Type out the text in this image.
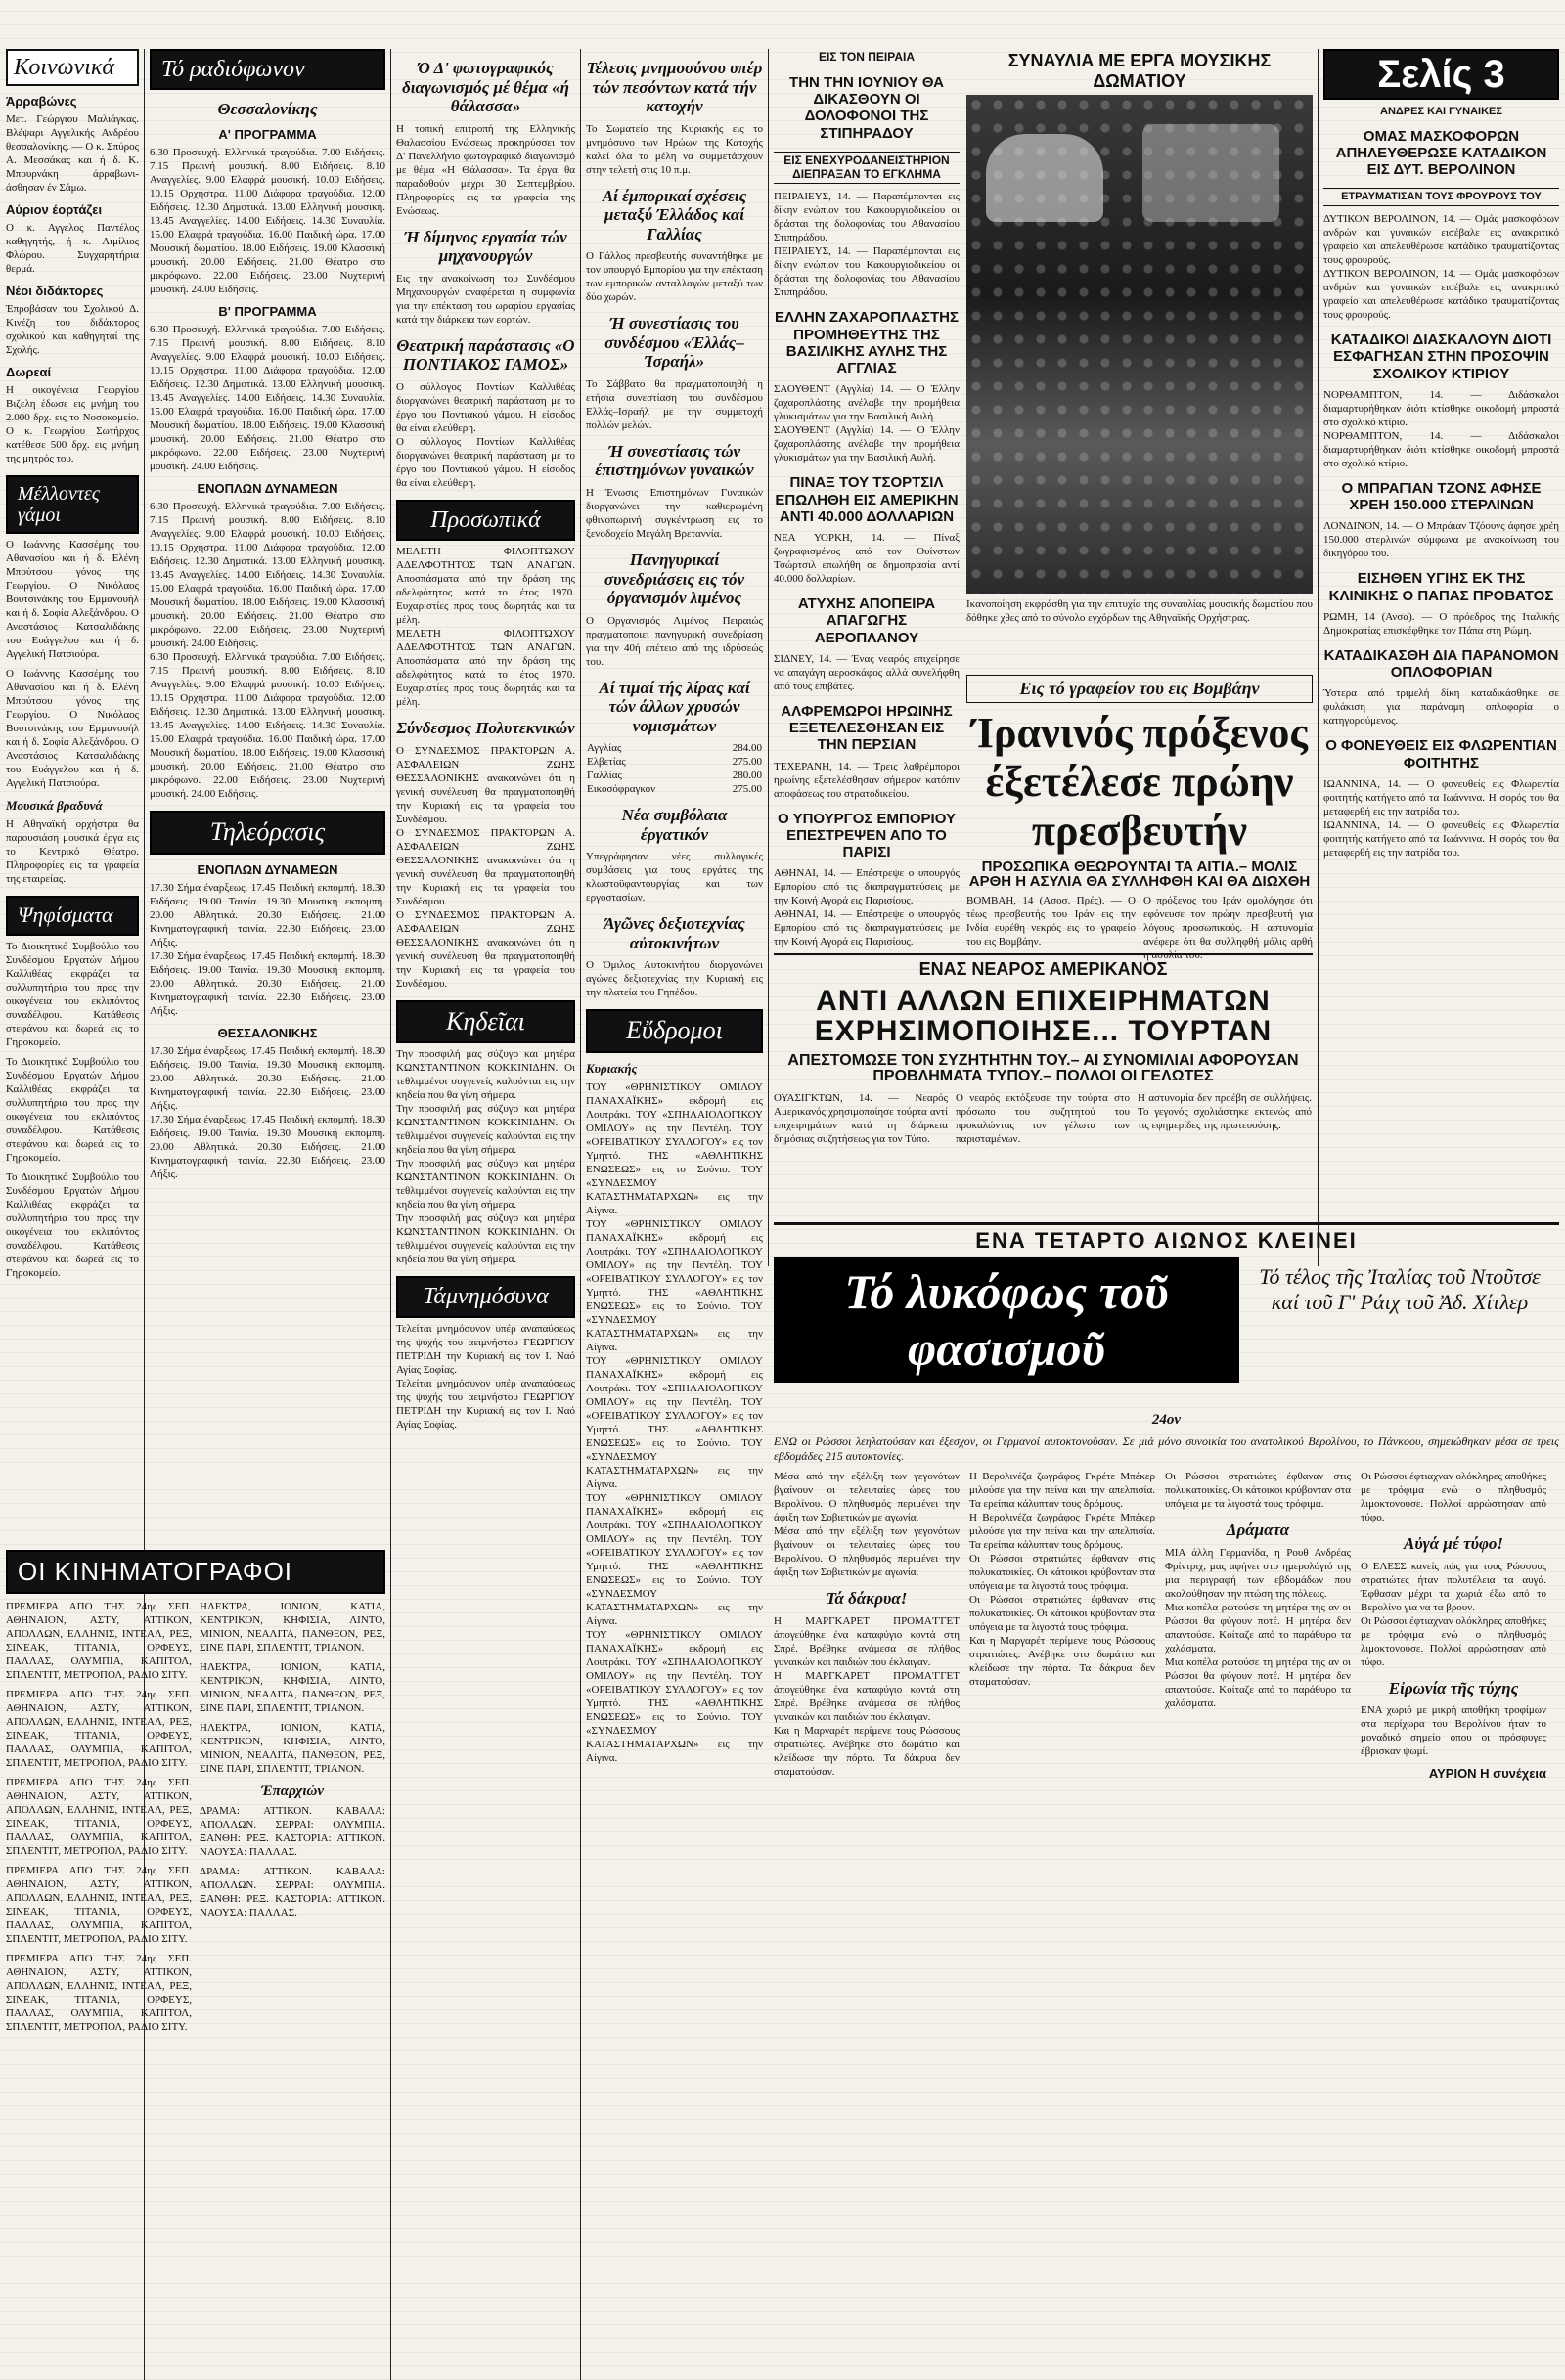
Κοινωνικά
Άρραβώνες
Μετ. Γεώργιου Μαλιάγκας. Βλέψαρι Αγγελικής Ανδρέου θεσσαλονίκης. — Ο κ. Σπύρος Α. Μεσσάκας και ή δ. Κ. Μπουρνάκη άρραβωνιάσθησαν έν Σάμω.
Αύριον έορτάζει
Ο κ. Αγγελος Παντέλος καθηγητής, ή κ. Αιμίλιος Φλώρου. Συγχαρητήρια θερμά.
Νέοι διδάκτορες
Έπροβάσαν του Σχολικού Δ. Κινέζη του διδάκτορος σχολικού και καθηγηταί της Σχολής.
Δωρεαί
Η οικογένεια Γεωργίου Βιζελη έδωσε εις μνήμη του 2.000 δρχ. εις το Νοσοκομείο. Ο κ. Γεωργίου Σωτήρχος κατέθεσε 500 δρχ. εις μνήμη της μητρός του.
Μέλλοντες γάμοι
Ο Ιωάννης Κασσέμης του Αθανασίου και ή δ. Ελένη Μπούτσου γόνος της Γεωργίου. Ο Νικόλαος Βουτσινάκης του Εμμανουήλ και ή δ. Σοφία Αλεξάνδρου. Ο Αναστάσιος Κατσαλιδάκης του Ευάγγελου και ή δ. Αγγελική Πατσιούρα.
Ο Ιωάννης Κασσέμης του Αθανασίου και ή δ. Ελένη Μπούτσου γόνος της Γεωργίου. Ο Νικόλαος Βουτσινάκης του Εμμανουήλ και ή δ. Σοφία Αλεξάνδρου. Ο Αναστάσιος Κατσαλιδάκης του Ευάγγελου και ή δ. Αγγελική Πατσιούρα.
Μουσικά βραδυνά
Η Αθηναϊκή ορχήστρα θα παρουσιάση μουσικά έργα εις το Κεντρικό Θέατρο. Πληροφορίες εις τα γραφεία της εταιρείας.
Ψηφίσματα
Το Διοικητικό Συμβούλιο του Συνδέσμου Εργατών Δήμου Καλλιθέας εκφράζει τα συλλυπητήρια του προς την οικογένεια του εκλιπόντος συναδέλφου. Κατάθεσις στεφάνου και δωρεά εις το Γηροκομείο.
Το Διοικητικό Συμβούλιο του Συνδέσμου Εργατών Δήμου Καλλιθέας εκφράζει τα συλλυπητήρια του προς την οικογένεια του εκλιπόντος συναδέλφου. Κατάθεσις στεφάνου και δωρεά εις το Γηροκομείο.
Το Διοικητικό Συμβούλιο του Συνδέσμου Εργατών Δήμου Καλλιθέας εκφράζει τα συλλυπητήρια του προς την οικογένεια του εκλιπόντος συναδέλφου. Κατάθεσις στεφάνου και δωρεά εις το Γηροκομείο.
Τό ραδιόφωνον
Θεσσαλονίκης
Α' ΠΡΟΓΡΑΜΜΑ
6.30 Προσευχή. Ελληνικά τραγούδια. 7.00 Ειδήσεις. 7.15 Πρωινή μουσική. 8.00 Ειδήσεις. 8.10 Αναγγελίες. 9.00 Ελαφρά μουσική. 10.00 Ειδήσεις. 10.15 Ορχήστρα. 11.00 Διάφορα τραγούδια. 12.00 Ειδήσεις. 12.30 Δημοτικά. 13.00 Ελληνική μουσική. 13.45 Αναγγελίες. 14.00 Ειδήσεις. 14.30 Συναυλία. 15.00 Ελαφρά τραγούδια. 16.00 Παιδική ώρα. 17.00 Μουσική δωματίου. 18.00 Ειδήσεις. 19.00 Κλασσική μουσική. 20.00 Ειδήσεις. 21.00 Θέατρο στο μικρόφωνο. 22.00 Ειδήσεις. 23.00 Νυχτερινή μουσική. 24.00 Ειδήσεις.
Β' ΠΡΟΓΡΑΜΜΑ
6.30 Προσευχή. Ελληνικά τραγούδια. 7.00 Ειδήσεις. 7.15 Πρωινή μουσική. 8.00 Ειδήσεις. 8.10 Αναγγελίες. 9.00 Ελαφρά μουσική. 10.00 Ειδήσεις. 10.15 Ορχήστρα. 11.00 Διάφορα τραγούδια. 12.00 Ειδήσεις. 12.30 Δημοτικά. 13.00 Ελληνική μουσική. 13.45 Αναγγελίες. 14.00 Ειδήσεις. 14.30 Συναυλία. 15.00 Ελαφρά τραγούδια. 16.00 Παιδική ώρα. 17.00 Μουσική δωματίου. 18.00 Ειδήσεις. 19.00 Κλασσική μουσική. 20.00 Ειδήσεις. 21.00 Θέατρο στο μικρόφωνο. 22.00 Ειδήσεις. 23.00 Νυχτερινή μουσική. 24.00 Ειδήσεις.
ΕΝΟΠΛΩΝ ΔΥΝΑΜΕΩΝ
6.30 Προσευχή. Ελληνικά τραγούδια. 7.00 Ειδήσεις. 7.15 Πρωινή μουσική. 8.00 Ειδήσεις. 8.10 Αναγγελίες. 9.00 Ελαφρά μουσική. 10.00 Ειδήσεις. 10.15 Ορχήστρα. 11.00 Διάφορα τραγούδια. 12.00 Ειδήσεις. 12.30 Δημοτικά. 13.00 Ελληνική μουσική. 13.45 Αναγγελίες. 14.00 Ειδήσεις. 14.30 Συναυλία. 15.00 Ελαφρά τραγούδια. 16.00 Παιδική ώρα. 17.00 Μουσική δωματίου. 18.00 Ειδήσεις. 19.00 Κλασσική μουσική. 20.00 Ειδήσεις. 21.00 Θέατρο στο μικρόφωνο. 22.00 Ειδήσεις. 23.00 Νυχτερινή μουσική. 24.00 Ειδήσεις.
6.30 Προσευχή. Ελληνικά τραγούδια. 7.00 Ειδήσεις. 7.15 Πρωινή μουσική. 8.00 Ειδήσεις. 8.10 Αναγγελίες. 9.00 Ελαφρά μουσική. 10.00 Ειδήσεις. 10.15 Ορχήστρα. 11.00 Διάφορα τραγούδια. 12.00 Ειδήσεις. 12.30 Δημοτικά. 13.00 Ελληνική μουσική. 13.45 Αναγγελίες. 14.00 Ειδήσεις. 14.30 Συναυλία. 15.00 Ελαφρά τραγούδια. 16.00 Παιδική ώρα. 17.00 Μουσική δωματίου. 18.00 Ειδήσεις. 19.00 Κλασσική μουσική. 20.00 Ειδήσεις. 21.00 Θέατρο στο μικρόφωνο. 22.00 Ειδήσεις. 23.00 Νυχτερινή μουσική. 24.00 Ειδήσεις.
Τηλεόρασις
ΕΝΟΠΛΩΝ ΔΥΝΑΜΕΩΝ
17.30 Σήμα έναρξεως. 17.45 Παιδική εκπομπή. 18.30 Ειδήσεις. 19.00 Ταινία. 19.30 Μουσική εκπομπή. 20.00 Αθλητικά. 20.30 Ειδήσεις. 21.00 Κινηματογραφική ταινία. 22.30 Ειδήσεις. 23.00 Λήξις.
17.30 Σήμα έναρξεως. 17.45 Παιδική εκπομπή. 18.30 Ειδήσεις. 19.00 Ταινία. 19.30 Μουσική εκπομπή. 20.00 Αθλητικά. 20.30 Ειδήσεις. 21.00 Κινηματογραφική ταινία. 22.30 Ειδήσεις. 23.00 Λήξις.
ΘΕΣΣΑΛΟΝΙΚΗΣ
17.30 Σήμα έναρξεως. 17.45 Παιδική εκπομπή. 18.30 Ειδήσεις. 19.00 Ταινία. 19.30 Μουσική εκπομπή. 20.00 Αθλητικά. 20.30 Ειδήσεις. 21.00 Κινηματογραφική ταινία. 22.30 Ειδήσεις. 23.00 Λήξις.
17.30 Σήμα έναρξεως. 17.45 Παιδική εκπομπή. 18.30 Ειδήσεις. 19.00 Ταινία. 19.30 Μουσική εκπομπή. 20.00 Αθλητικά. 20.30 Ειδήσεις. 21.00 Κινηματογραφική ταινία. 22.30 Ειδήσεις. 23.00 Λήξις.
ΟΙ ΚΙΝΗΜΑΤΟΓΡΑΦΟΙ
ΠΡΕΜΙΕΡΑ ΑΠΟ ΤΗΣ 24ης ΣΕΠ. ΑΘΗΝΑΙΟΝ, ΑΣΤΥ, ΑΤΤΙΚΟΝ, ΑΠΟΛΛΩΝ, ΕΛΛΗΝΙΣ, ΙΝΤΕΑΛ, ΡΕΞ, ΣΙΝΕΑΚ, ΤΙΤΑΝΙΑ, ΟΡΦΕΥΣ, ΠΑΛΛΑΣ, ΟΛΥΜΠΙΑ, ΚΑΠΙΤΟΛ, ΣΠΛΕΝΤΙΤ, ΜΕΤΡΟΠΟΛ, ΡΑΔΙΟ ΣΙΤΥ.
ΠΡΕΜΙΕΡΑ ΑΠΟ ΤΗΣ 24ης ΣΕΠ. ΑΘΗΝΑΙΟΝ, ΑΣΤΥ, ΑΤΤΙΚΟΝ, ΑΠΟΛΛΩΝ, ΕΛΛΗΝΙΣ, ΙΝΤΕΑΛ, ΡΕΞ, ΣΙΝΕΑΚ, ΤΙΤΑΝΙΑ, ΟΡΦΕΥΣ, ΠΑΛΛΑΣ, ΟΛΥΜΠΙΑ, ΚΑΠΙΤΟΛ, ΣΠΛΕΝΤΙΤ, ΜΕΤΡΟΠΟΛ, ΡΑΔΙΟ ΣΙΤΥ.
ΠΡΕΜΙΕΡΑ ΑΠΟ ΤΗΣ 24ης ΣΕΠ. ΑΘΗΝΑΙΟΝ, ΑΣΤΥ, ΑΤΤΙΚΟΝ, ΑΠΟΛΛΩΝ, ΕΛΛΗΝΙΣ, ΙΝΤΕΑΛ, ΡΕΞ, ΣΙΝΕΑΚ, ΤΙΤΑΝΙΑ, ΟΡΦΕΥΣ, ΠΑΛΛΑΣ, ΟΛΥΜΠΙΑ, ΚΑΠΙΤΟΛ, ΣΠΛΕΝΤΙΤ, ΜΕΤΡΟΠΟΛ, ΡΑΔΙΟ ΣΙΤΥ.
ΠΡΕΜΙΕΡΑ ΑΠΟ ΤΗΣ 24ης ΣΕΠ. ΑΘΗΝΑΙΟΝ, ΑΣΤΥ, ΑΤΤΙΚΟΝ, ΑΠΟΛΛΩΝ, ΕΛΛΗΝΙΣ, ΙΝΤΕΑΛ, ΡΕΞ, ΣΙΝΕΑΚ, ΤΙΤΑΝΙΑ, ΟΡΦΕΥΣ, ΠΑΛΛΑΣ, ΟΛΥΜΠΙΑ, ΚΑΠΙΤΟΛ, ΣΠΛΕΝΤΙΤ, ΜΕΤΡΟΠΟΛ, ΡΑΔΙΟ ΣΙΤΥ.
ΠΡΕΜΙΕΡΑ ΑΠΟ ΤΗΣ 24ης ΣΕΠ. ΑΘΗΝΑΙΟΝ, ΑΣΤΥ, ΑΤΤΙΚΟΝ, ΑΠΟΛΛΩΝ, ΕΛΛΗΝΙΣ, ΙΝΤΕΑΛ, ΡΕΞ, ΣΙΝΕΑΚ, ΤΙΤΑΝΙΑ, ΟΡΦΕΥΣ, ΠΑΛΛΑΣ, ΟΛΥΜΠΙΑ, ΚΑΠΙΤΟΛ, ΣΠΛΕΝΤΙΤ, ΜΕΤΡΟΠΟΛ, ΡΑΔΙΟ ΣΙΤΥ.
ΗΛΕΚΤΡΑ, ΙΟΝΙΟΝ, ΚΑΤΙΑ, ΚΕΝΤΡΙΚΟΝ, ΚΗΦΙΣΙΑ, ΛΙΝΤΟ, ΜΙΝΙΟΝ, ΝΕΑΛΙΤΑ, ΠΑΝΘΕΟΝ, ΡΕΞ, ΣΙΝΕ ΠΑΡΙ, ΣΠΛΕΝΤΙΤ, ΤΡΙΑΝΟΝ.
ΗΛΕΚΤΡΑ, ΙΟΝΙΟΝ, ΚΑΤΙΑ, ΚΕΝΤΡΙΚΟΝ, ΚΗΦΙΣΙΑ, ΛΙΝΤΟ, ΜΙΝΙΟΝ, ΝΕΑΛΙΤΑ, ΠΑΝΘΕΟΝ, ΡΕΞ, ΣΙΝΕ ΠΑΡΙ, ΣΠΛΕΝΤΙΤ, ΤΡΙΑΝΟΝ.
ΗΛΕΚΤΡΑ, ΙΟΝΙΟΝ, ΚΑΤΙΑ, ΚΕΝΤΡΙΚΟΝ, ΚΗΦΙΣΙΑ, ΛΙΝΤΟ, ΜΙΝΙΟΝ, ΝΕΑΛΙΤΑ, ΠΑΝΘΕΟΝ, ΡΕΞ, ΣΙΝΕ ΠΑΡΙ, ΣΠΛΕΝΤΙΤ, ΤΡΙΑΝΟΝ.
Έπαρχιών
ΔΡΑΜΑ: ΑΤΤΙΚΟΝ. ΚΑΒΑΛΑ: ΑΠΟΛΛΩΝ. ΣΕΡΡΑΙ: ΟΛΥΜΠΙΑ. ΞΑΝΘΗ: ΡΕΞ. ΚΑΣΤΟΡΙΑ: ΑΤΤΙΚΟΝ. ΝΑΟΥΣΑ: ΠΑΛΛΑΣ.
ΔΡΑΜΑ: ΑΤΤΙΚΟΝ. ΚΑΒΑΛΑ: ΑΠΟΛΛΩΝ. ΣΕΡΡΑΙ: ΟΛΥΜΠΙΑ. ΞΑΝΘΗ: ΡΕΞ. ΚΑΣΤΟΡΙΑ: ΑΤΤΙΚΟΝ. ΝΑΟΥΣΑ: ΠΑΛΛΑΣ.
Ό Δ' φωτογραφικός διαγωνισμός μέ θέμα «ή θάλασσα»
Η τοπική επιτροπή της Ελληνικής Θαλασσίου Ενώσεως προκηρύσσει τον Δ' Πανελλήνιο φωτογραφικό διαγωνισμό με θέμα «Η Θάλασσα». Τα έργα θα παραδοθούν μέχρι 30 Σεπτεμβρίου. Πληροφορίες εις τα γραφεία της Ενώσεως.
Ή δίμηνος εργασία τών μηχανουργών
Εις την ανακοίνωση του Συνδέσμου Μηχανουργών αναφέρεται η συμφωνία για την επέκταση του ωραρίου εργασίας κατά την διάρκεια των εορτών.
Θεατρική παράστασις «Ο ΠΟΝΤΙΑΚΟΣ ΓΑΜΟΣ»
Ο σύλλογος Ποντίων Καλλιθέας διοργανώνει θεατρική παράσταση με το έργο του Ποντιακού γάμου. Η είσοδος θα είναι ελεύθερη.
Ο σύλλογος Ποντίων Καλλιθέας διοργανώνει θεατρική παράσταση με το έργο του Ποντιακού γάμου. Η είσοδος θα είναι ελεύθερη.
Προσωπικά
ΜΕΛΕΤΗ ΦΙΛΟΠΤΩΧΟΥ ΑΔΕΛΦΟΤΗΤΟΣ ΤΩΝ ΑΝΑΓΩΝ. Αποσπάσματα από την δράση της αδελφότητος κατά το έτος 1970. Ευχαριστίες προς τους δωρητάς και τα μέλη.
ΜΕΛΕΤΗ ΦΙΛΟΠΤΩΧΟΥ ΑΔΕΛΦΟΤΗΤΟΣ ΤΩΝ ΑΝΑΓΩΝ. Αποσπάσματα από την δράση της αδελφότητος κατά το έτος 1970. Ευχαριστίες προς τους δωρητάς και τα μέλη.
Σύνδεσμος Πολυτεκνικών
Ο ΣΥΝΔΕΣΜΟΣ ΠΡΑΚΤΟΡΩΝ Α. ΑΣΦΑΛΕΙΩΝ ΖΩΗΣ ΘΕΣΣΑΛΟΝΙΚΗΣ ανακοινώνει ότι η γενική συνέλευση θα πραγματοποιηθή την Κυριακή εις τα γραφεία του Συνδέσμου.
Ο ΣΥΝΔΕΣΜΟΣ ΠΡΑΚΤΟΡΩΝ Α. ΑΣΦΑΛΕΙΩΝ ΖΩΗΣ ΘΕΣΣΑΛΟΝΙΚΗΣ ανακοινώνει ότι η γενική συνέλευση θα πραγματοποιηθή την Κυριακή εις τα γραφεία του Συνδέσμου.
Ο ΣΥΝΔΕΣΜΟΣ ΠΡΑΚΤΟΡΩΝ Α. ΑΣΦΑΛΕΙΩΝ ΖΩΗΣ ΘΕΣΣΑΛΟΝΙΚΗΣ ανακοινώνει ότι η γενική συνέλευση θα πραγματοποιηθή την Κυριακή εις τα γραφεία του Συνδέσμου.
Κηδεῖαι
Την προσφιλή μας σύζυγο και μητέρα ΚΩΝΣΤΑΝΤΙΝΟΝ ΚΟΚΚΙΝΙΔΗΝ. Οι τεθλιμμένοι συγγενείς καλούνται εις την κηδεία που θα γίνη σήμερα.
Την προσφιλή μας σύζυγο και μητέρα ΚΩΝΣΤΑΝΤΙΝΟΝ ΚΟΚΚΙΝΙΔΗΝ. Οι τεθλιμμένοι συγγενείς καλούνται εις την κηδεία που θα γίνη σήμερα.
Την προσφιλή μας σύζυγο και μητέρα ΚΩΝΣΤΑΝΤΙΝΟΝ ΚΟΚΚΙΝΙΔΗΝ. Οι τεθλιμμένοι συγγενείς καλούνται εις την κηδεία που θα γίνη σήμερα.
Την προσφιλή μας σύζυγο και μητέρα ΚΩΝΣΤΑΝΤΙΝΟΝ ΚΟΚΚΙΝΙΔΗΝ. Οι τεθλιμμένοι συγγενείς καλούνται εις την κηδεία που θα γίνη σήμερα.
Τάμνημόσυνα
Τελείται μνημόσυνον υπέρ αναπαύσεως της ψυχής του αειμνήστου ΓΕΩΡΓΙΟΥ ΠΕΤΡΙΔΗ την Κυριακή εις τον Ι. Ναό Αγίας Σοφίας.
Τελείται μνημόσυνον υπέρ αναπαύσεως της ψυχής του αειμνήστου ΓΕΩΡΓΙΟΥ ΠΕΤΡΙΔΗ την Κυριακή εις τον Ι. Ναό Αγίας Σοφίας.
Τέλεσις μνημοσύνου υπέρ τών πεσόντων κατά τήν κατοχήν
Το Σωματείο της Κυριακής εις το μνημόσυνο των Ηρώων της Κατοχής καλεί όλα τα μέλη να συμμετάσχουν στην τελετή στις 10 π.μ.
Αί έμπορικαί σχέσεις μεταξύ Έλλάδος καί Γαλλίας
Ο Γάλλος πρεσβευτής συναντήθηκε με τον υπουργό Εμπορίου για την επέκταση των εμπορικών ανταλλαγών μεταξύ των δύο χωρών.
Ή συνεστίασις του συνδέσμου «Έλλάς–Ίσραήλ»
Το Σάββατο θα πραγματοποιηθή η ετήσια συνεστίαση του συνδέσμου Ελλάς–Ισραήλ με την συμμετοχή πολλών μελών.
Ή συνεστίασις τών έπιστημόνων γυναικών
Η Ένωσις Επιστημόνων Γυναικών διοργανώνει την καθιερωμένη φθινοπωρινή συγκέντρωση εις το ξενοδοχείο Μεγάλη Βρεταννία.
Πανηγυρικαί συνεδριάσεις εις τόν όργανισμόν λιμένος
Ο Οργανισμός Λιμένος Πειραιώς πραγματοποιεί πανηγυρική συνεδρίαση για την 40ή επέτειο από της ιδρύσεώς του.
Αί τιμαί τής λίρας καί τών άλλων χρυσών νομισμάτων
Αγγλίας	284.00
Ελβετίας	275.00
Γαλλίας	280.00
Εικοσόφραγκον	275.00
Νέα συμβόλαια έργατικόν
Υπεγράφησαν νέες συλλογικές συμβάσεις για τους εργάτες της κλωστοϋφαντουργίας και των εργοστασίων.
Άγῶνες δεξιοτεχνίας αὐτοκινήτων
Ο Όμιλος Αυτοκινήτου διοργανώνει αγώνες δεξιοτεχνίας την Κυριακή εις την πλατεία του Γηπέδου.
Εὔδρομοι
Κυριακής
ΤΟΥ «ΘΡΗΝΙΣΤΙΚΟΥ ΟΜΙΛΟΥ ΠΑΝΑΧΑΪΚΗΣ» εκδρομή εις Λουτράκι. ΤΟΥ «ΣΠΗΛΑΙΟΛΟΓΙΚΟΥ ΟΜΙΛΟΥ» εις την Πεντέλη. ΤΟΥ «ΟΡΕΙΒΑΤΙΚΟΥ ΣΥΛΛΟΓΟΥ» εις τον Υμηττό. ΤΗΣ «ΑΘΛΗΤΙΚΗΣ ΕΝΩΣΕΩΣ» εις το Σούνιο. ΤΟΥ «ΣΥΝΔΕΣΜΟΥ ΚΑΤΑΣΤΗΜΑΤΑΡΧΩΝ» εις την Αίγινα.
ΤΟΥ «ΘΡΗΝΙΣΤΙΚΟΥ ΟΜΙΛΟΥ ΠΑΝΑΧΑΪΚΗΣ» εκδρομή εις Λουτράκι. ΤΟΥ «ΣΠΗΛΑΙΟΛΟΓΙΚΟΥ ΟΜΙΛΟΥ» εις την Πεντέλη. ΤΟΥ «ΟΡΕΙΒΑΤΙΚΟΥ ΣΥΛΛΟΓΟΥ» εις τον Υμηττό. ΤΗΣ «ΑΘΛΗΤΙΚΗΣ ΕΝΩΣΕΩΣ» εις το Σούνιο. ΤΟΥ «ΣΥΝΔΕΣΜΟΥ ΚΑΤΑΣΤΗΜΑΤΑΡΧΩΝ» εις την Αίγινα.
ΤΟΥ «ΘΡΗΝΙΣΤΙΚΟΥ ΟΜΙΛΟΥ ΠΑΝΑΧΑΪΚΗΣ» εκδρομή εις Λουτράκι. ΤΟΥ «ΣΠΗΛΑΙΟΛΟΓΙΚΟΥ ΟΜΙΛΟΥ» εις την Πεντέλη. ΤΟΥ «ΟΡΕΙΒΑΤΙΚΟΥ ΣΥΛΛΟΓΟΥ» εις τον Υμηττό. ΤΗΣ «ΑΘΛΗΤΙΚΗΣ ΕΝΩΣΕΩΣ» εις το Σούνιο. ΤΟΥ «ΣΥΝΔΕΣΜΟΥ ΚΑΤΑΣΤΗΜΑΤΑΡΧΩΝ» εις την Αίγινα.
ΤΟΥ «ΘΡΗΝΙΣΤΙΚΟΥ ΟΜΙΛΟΥ ΠΑΝΑΧΑΪΚΗΣ» εκδρομή εις Λουτράκι. ΤΟΥ «ΣΠΗΛΑΙΟΛΟΓΙΚΟΥ ΟΜΙΛΟΥ» εις την Πεντέλη. ΤΟΥ «ΟΡΕΙΒΑΤΙΚΟΥ ΣΥΛΛΟΓΟΥ» εις τον Υμηττό. ΤΗΣ «ΑΘΛΗΤΙΚΗΣ ΕΝΩΣΕΩΣ» εις το Σούνιο. ΤΟΥ «ΣΥΝΔΕΣΜΟΥ ΚΑΤΑΣΤΗΜΑΤΑΡΧΩΝ» εις την Αίγινα.
ΤΟΥ «ΘΡΗΝΙΣΤΙΚΟΥ ΟΜΙΛΟΥ ΠΑΝΑΧΑΪΚΗΣ» εκδρομή εις Λουτράκι. ΤΟΥ «ΣΠΗΛΑΙΟΛΟΓΙΚΟΥ ΟΜΙΛΟΥ» εις την Πεντέλη. ΤΟΥ «ΟΡΕΙΒΑΤΙΚΟΥ ΣΥΛΛΟΓΟΥ» εις τον Υμηττό. ΤΗΣ «ΑΘΛΗΤΙΚΗΣ ΕΝΩΣΕΩΣ» εις το Σούνιο. ΤΟΥ «ΣΥΝΔΕΣΜΟΥ ΚΑΤΑΣΤΗΜΑΤΑΡΧΩΝ» εις την Αίγινα.
ΕΙΣ ΤΟΝ ΠΕΙΡΑΙΑ
ΤΗΝ ΤΗΝ ΙΟΥΝΙΟΥ ΘΑ ΔΙΚΑΣΘΟΥΝ ΟΙ ΔΟΛΟΦΟΝΟΙ ΤΗΣ ΣΤΙΠΗΡΑΔΟΥ
ΕΙΣ ΕΝΕΧΥΡΟΔΑΝΕΙΣΤΗΡΙΟΝ ΔΙΕΠΡΑΞΑΝ ΤΟ ΕΓΚΛΗΜΑ
ΠΕΙΡΑΙΕΥΣ, 14. — Παραπέμπονται εις δίκην ενώπιον του Κακουργιοδικείου οι δράσται της δολοφονίας του Αθανασίου Στιπηράδου.
ΠΕΙΡΑΙΕΥΣ, 14. — Παραπέμπονται εις δίκην ενώπιον του Κακουργιοδικείου οι δράσται της δολοφονίας του Αθανασίου Στιπηράδου.
ΕΛΛΗΝ ΖΑΧΑΡΟΠΛΑΣΤΗΣ ΠΡΟΜΗΘΕΥΤΗΣ ΤΗΣ ΒΑΣΙΛΙΚΗΣ ΑΥΛΗΣ ΤΗΣ ΑΓΓΛΙΑΣ
ΣΑΟΥΘΕΝΤ (Αγγλία) 14. — Ο Έλλην ζαχαροπλάστης ανέλαβε την προμήθεια γλυκισμάτων για την Βασιλική Αυλή.
ΣΑΟΥΘΕΝΤ (Αγγλία) 14. — Ο Έλλην ζαχαροπλάστης ανέλαβε την προμήθεια γλυκισμάτων για την Βασιλική Αυλή.
ΠΙΝΑΞ ΤΟΥ ΤΣΟΡΤΣΙΛ ΕΠΩΛΗΘΗ ΕΙΣ ΑΜΕΡΙΚΗΝ ΑΝΤΙ 40.000 ΔΟΛΛΑΡΙΩΝ
ΝΕΑ ΥΟΡΚΗ, 14. — Πίναξ ζωγραφισμένος από τον Ουίνστων Τσώρτσιλ επωλήθη σε δημοπρασία αντί 40.000 δολλαρίων.
ΑΤΥΧΗΣ ΑΠΟΠΕΙΡΑ ΑΠΑΓΩΓΗΣ ΑΕΡΟΠΛΑΝΟΥ
ΣΙΔΝΕΥ, 14. — Ένας νεαρός επιχείρησε να απαγάγη αεροσκάφος αλλά συνελήφθη από τους επιβάτες.
ΑΛΦΡΕΜΩΡΟΙ ΗΡΩΙΝΗΣ ΕΞΕΤΕΛΕΣΘΗΣΑΝ ΕΙΣ ΤΗΝ ΠΕΡΣΙΑΝ
ΤΕΧΕΡΑΝΗ, 14. — Τρεις λαθρέμποροι ηρωίνης εξετελέσθησαν σήμερον κατόπιν αποφάσεως του στρατοδικείου.
Ο ΥΠΟΥΡΓΟΣ ΕΜΠΟΡΙΟΥ ΕΠΕΣΤΡΕΨΕΝ ΑΠΟ ΤΟ ΠΑΡΙΣΙ
ΑΘΗΝΑΙ, 14. — Επέστρεψε ο υπουργός Εμπορίου από τις διαπραγματεύσεις με την Κοινή Αγορά εις Παρισίους.
ΑΘΗΝΑΙ, 14. — Επέστρεψε ο υπουργός Εμπορίου από τις διαπραγματεύσεις με την Κοινή Αγορά εις Παρισίους.
ΣΥΝΑΥΛΙΑ ΜΕ ΕΡΓΑ ΜΟΥΣΙΚΗΣ ΔΩΜΑΤΙΟΥ
Ικανοποίηση εκφράσθη για την επιτυχία της συναυλίας μουσικής δωματίου που δόθηκε χθες από το σύνολο εγχόρδων της Αθηναϊκής Ορχήστρας.
Σελίς 3
ΑΝΔΡΕΣ ΚΑΙ ΓΥΝΑΙΚΕΣ
ΟΜΑΣ ΜΑΣΚΟΦΟΡΩΝ ΑΠΗΛΕΥΘΕΡΩΣΕ ΚΑΤΑΔΙΚΟΝ ΕΙΣ ΔΥΤ. ΒΕΡΟΛΙΝΟΝ
ΕΤΡΑΥΜΑΤΙΣΑΝ ΤΟΥΣ ΦΡΟΥΡΟΥΣ ΤΟΥ
ΔΥΤΙΚΟΝ ΒΕΡΟΛΙΝΟΝ, 14. — Ομάς μασκοφόρων ανδρών και γυναικών εισέβαλε εις ανακριτικό γραφείο και απελευθέρωσε κατάδικο τραυματίζοντας τους φρουρούς.
ΔΥΤΙΚΟΝ ΒΕΡΟΛΙΝΟΝ, 14. — Ομάς μασκοφόρων ανδρών και γυναικών εισέβαλε εις ανακριτικό γραφείο και απελευθέρωσε κατάδικο τραυματίζοντας τους φρουρούς.
ΚΑΤΑΔΙΚΟΙ ΔΙΑΣΚΑΛΟΥΝ ΔΙΟΤΙ ΕΣΦΑΓΗΣΑΝ ΣΤΗΝ ΠΡΟΣΟΨΙΝ ΣΧΟΛΙΚΟΥ ΚΤΙΡΙΟΥ
ΝΟΡΘΑΜΠΤΟΝ, 14. — Διδάσκαλοι διαμαρτυρήθηκαν διότι κτίσθηκε οικοδομή μπροστά στο σχολικό κτίριο.
ΝΟΡΘΑΜΠΤΟΝ, 14. — Διδάσκαλοι διαμαρτυρήθηκαν διότι κτίσθηκε οικοδομή μπροστά στο σχολικό κτίριο.
Ο ΜΠΡΑΓΙΑΝ ΤΖΟΝΣ ΑΦΗΣΕ ΧΡΕΗ 150.000 ΣΤΕΡΛΙΝΩΝ
ΛΟΝΔΙΝΟΝ, 14. — Ο Μπράιαν Τζόουνς άφησε χρέη 150.000 στερλινών σύμφωνα με ανακοίνωση του δικηγόρου του.
ΕΙΣΗΘΕΝ ΥΓΙΗΣ ΕΚ ΤΗΣ ΚΛΙΝΙΚΗΣ Ο ΠΑΠΑΣ ΠΡΟΒΑΤΟΣ
ΡΩΜΗ, 14 (Ανσα). — Ο πρόεδρος της Ιταλικής Δημοκρατίας επισκέφθηκε τον Πάπα στη Ρώμη.
ΚΑΤΑΔΙΚΑΣΘΗ ΔΙΑ ΠΑΡΑΝΟΜΟΝ ΟΠΛΟΦΟΡΙΑΝ
Ύστερα από τριμελή δίκη καταδικάσθηκε σε φυλάκιση για παράνομη οπλοφορία ο κατηγορούμενος.
Ο ΦΟΝΕΥΘΕΙΣ ΕΙΣ ΦΛΩΡΕΝΤΙΑΝ ΦΟΙΤΗΤΗΣ
ΙΩΑΝΝΙΝΑ, 14. — Ο φονευθείς εις Φλωρεντία φοιτητής κατήγετο από τα Ιωάννινα. Η σορός του θα μεταφερθή εις την πατρίδα του.
ΙΩΑΝΝΙΝΑ, 14. — Ο φονευθείς εις Φλωρεντία φοιτητής κατήγετο από τα Ιωάννινα. Η σορός του θα μεταφερθή εις την πατρίδα του.
Εις τό γραφείον του εις Βομβάην
Ίρανινός πρόξενος έξετέλεσε πρώην πρεσβευτήν
ΠΡΟΣΩΠΙΚΑ ΘΕΩΡΟΥΝΤΑΙ ΤΑ ΑΙΤΙΑ.– ΜΟΛΙΣ ΑΡΘΗ Η ΑΣΥΛΙΑ ΘΑ ΣΥΛΛΗΦΘΗ ΚΑΙ ΘΑ ΔΙΩΧΘΗ
ΒΟΜΒΑΗ, 14 (Ασοσ. Πρές). — Ο τέως πρεσβευτής του Ιράν εις την Ινδία ευρέθη νεκρός εις το γραφείο του εις Βομβάην.
Ο πρόξενος του Ιράν ομολόγησε ότι εφόνευσε τον πρώην πρεσβευτή για λόγους προσωπικούς. Η αστυνομία ανέφερε ότι θα συλληφθή μόλις αρθή η ασυλία του.
ΕΝΑΣ ΝΕΑΡΟΣ ΑΜΕΡΙΚΑΝΟΣ
ΑΝΤΙ ΑΛΛΩΝ ΕΠΙΧΕΙΡΗΜΑΤΩΝ ΕΧΡΗΣΙΜΟΠΟΙΗΣΕ... ΤΟΥΡΤΑΝ
ΑΠΕΣΤΟΜΩΣΕ ΤΟΝ ΣΥΖΗΤΗΤΗΝ ΤΟΥ.– ΑΙ ΣΥΝΟΜΙΛΙΑΙ ΑΦΟΡΟΥΣΑΝ ΠΡΟΒΛΗΜΑΤΑ ΤΥΠΟΥ.– ΠΟΛΛΟΙ ΟΙ ΓΕΛΩΤΕΣ
ΟΥΑΣΙΓΚΤΩΝ, 14. — Νεαρός Αμερικανός χρησιμοποίησε τούρτα αντί επιχειρημάτων κατά τη διάρκεια δημόσιας συζητήσεως για τον Τύπο.
Ο νεαρός εκτόξευσε την τούρτα στο πρόσωπο του συζητητού του προκαλώντας τον γέλωτα των παρισταμένων.
Η αστυνομία δεν προέβη σε συλλήψεις. Το γεγονός σχολιάστηκε εκτενώς από τις εφημερίδες της πρωτευούσης.
ΕΝΑ ΤΕΤΑΡΤΟ ΑΙΩΝΟΣ ΚΛΕΙΝΕΙ
Τό λυκόφως τοῦ φασισμοῦ
Τό τέλος τῆς Ἰταλίας τοῦ Ντοῦτσε καί τοῦ Γ' Ράιχ τοῦ Ἀδ. Χίτλερ
24ον
ΕΝΩ οι Ρώσσοι λεηλατούσαν και έξεσχον, οι Γερμανοί αυτοκτονούσαν. Σε μιά μόνο συνοικία του ανατολικού Βερολίνου, το Πάνκοου, σημειώθηκαν μέσα σε τρεις εβδομάδες 215 αυτοκτονίες.
Μέσα από την εξέλιξη των γεγονότων βγαίνουν οι τελευταίες ώρες του Βερολίνου. Ο πληθυσμός περιμένει την άφιξη των Σοβιετικών με αγωνία.
Μέσα από την εξέλιξη των γεγονότων βγαίνουν οι τελευταίες ώρες του Βερολίνου. Ο πληθυσμός περιμένει την άφιξη των Σοβιετικών με αγωνία.
Τά δάκρυα!
Η ΜΑΡΓΚΑΡΕΤ ΠΡΟΜΑ'ΓΓΕΤ άπογεύθηκε ένα καταφύγιο κοντά στη Σπρέ. Βρέθηκε ανάμεσα σε πλήθος γυναικών και παιδιών που έκλαιγαν.
Η ΜΑΡΓΚΑΡΕΤ ΠΡΟΜΑ'ΓΓΕΤ άπογεύθηκε ένα καταφύγιο κοντά στη Σπρέ. Βρέθηκε ανάμεσα σε πλήθος γυναικών και παιδιών που έκλαιγαν.
Και η Μαργαρέτ περίμενε τους Ρώσσους στρατιώτες. Ανέβηκε στο δωμάτιο και κλείδωσε την πόρτα. Τα δάκρυα δεν σταματούσαν.
Η Βερολινέζα ζωγράφος Γκρέτε Μπέκερ μιλούσε για την πείνα και την απελπισία. Τα ερείπια κάλυπταν τους δρόμους.
Η Βερολινέζα ζωγράφος Γκρέτε Μπέκερ μιλούσε για την πείνα και την απελπισία. Τα ερείπια κάλυπταν τους δρόμους.
Οι Ρώσσοι στρατιώτες έφθαναν στις πολυκατοικίες. Οι κάτοικοι κρύβονταν στα υπόγεια με τα λιγοστά τους τρόφιμα.
Οι Ρώσσοι στρατιώτες έφθαναν στις πολυκατοικίες. Οι κάτοικοι κρύβονταν στα υπόγεια με τα λιγοστά τους τρόφιμα.
Και η Μαργαρέτ περίμενε τους Ρώσσους στρατιώτες. Ανέβηκε στο δωμάτιο και κλείδωσε την πόρτα. Τα δάκρυα δεν σταματούσαν.
Οι Ρώσσοι στρατιώτες έφθαναν στις πολυκατοικίες. Οι κάτοικοι κρύβονταν στα υπόγεια με τα λιγοστά τους τρόφιμα.
Δράματα
ΜΙΑ άλλη Γερμανίδα, η Ρουθ Ανδρέας Φρίντριχ, μας αφήνει στο ημερολόγιό της μια περιγραφή των εβδομάδων που ακολούθησαν την πτώση της πόλεως.
Μια κοπέλα ρωτούσε τη μητέρα της αν οι Ρώσσοι θα φύγουν ποτέ. Η μητέρα δεν απαντούσε. Κοίταζε από το παράθυρο τα χαλάσματα.
Μια κοπέλα ρωτούσε τη μητέρα της αν οι Ρώσσοι θα φύγουν ποτέ. Η μητέρα δεν απαντούσε. Κοίταζε από το παράθυρο τα χαλάσματα.
Οι Ρώσσοι έφτιαχναν ολόκληρες αποθήκες με τρόφιμα ενώ ο πληθυσμός λιμοκτονούσε. Πολλοί αρρώστησαν από τύφο.
Αὐγά μέ τύφο!
Ο ΕΛΕΣΣ κανείς πώς για τους Ρώσσους στρατιώτες ήταν πολυτέλεια τα αυγά. Έφθασαν μέχρι τα χωριά έξω από το Βερολίνο για να τα βρουν.
Οι Ρώσσοι έφτιαχναν ολόκληρες αποθήκες με τρόφιμα ενώ ο πληθυσμός λιμοκτονούσε. Πολλοί αρρώστησαν από τύφο.
Εἰρωνία τῆς τύχης
ΕΝΑ χωριό με μικρή αποθήκη τροφίμων στα περίχωρα του Βερολίνου ήταν το μοναδικό σημείο όπου οι πρόσφυγες έβρισκαν ψωμί.
ΑΥΡΙΟΝ Η συνέχεια
